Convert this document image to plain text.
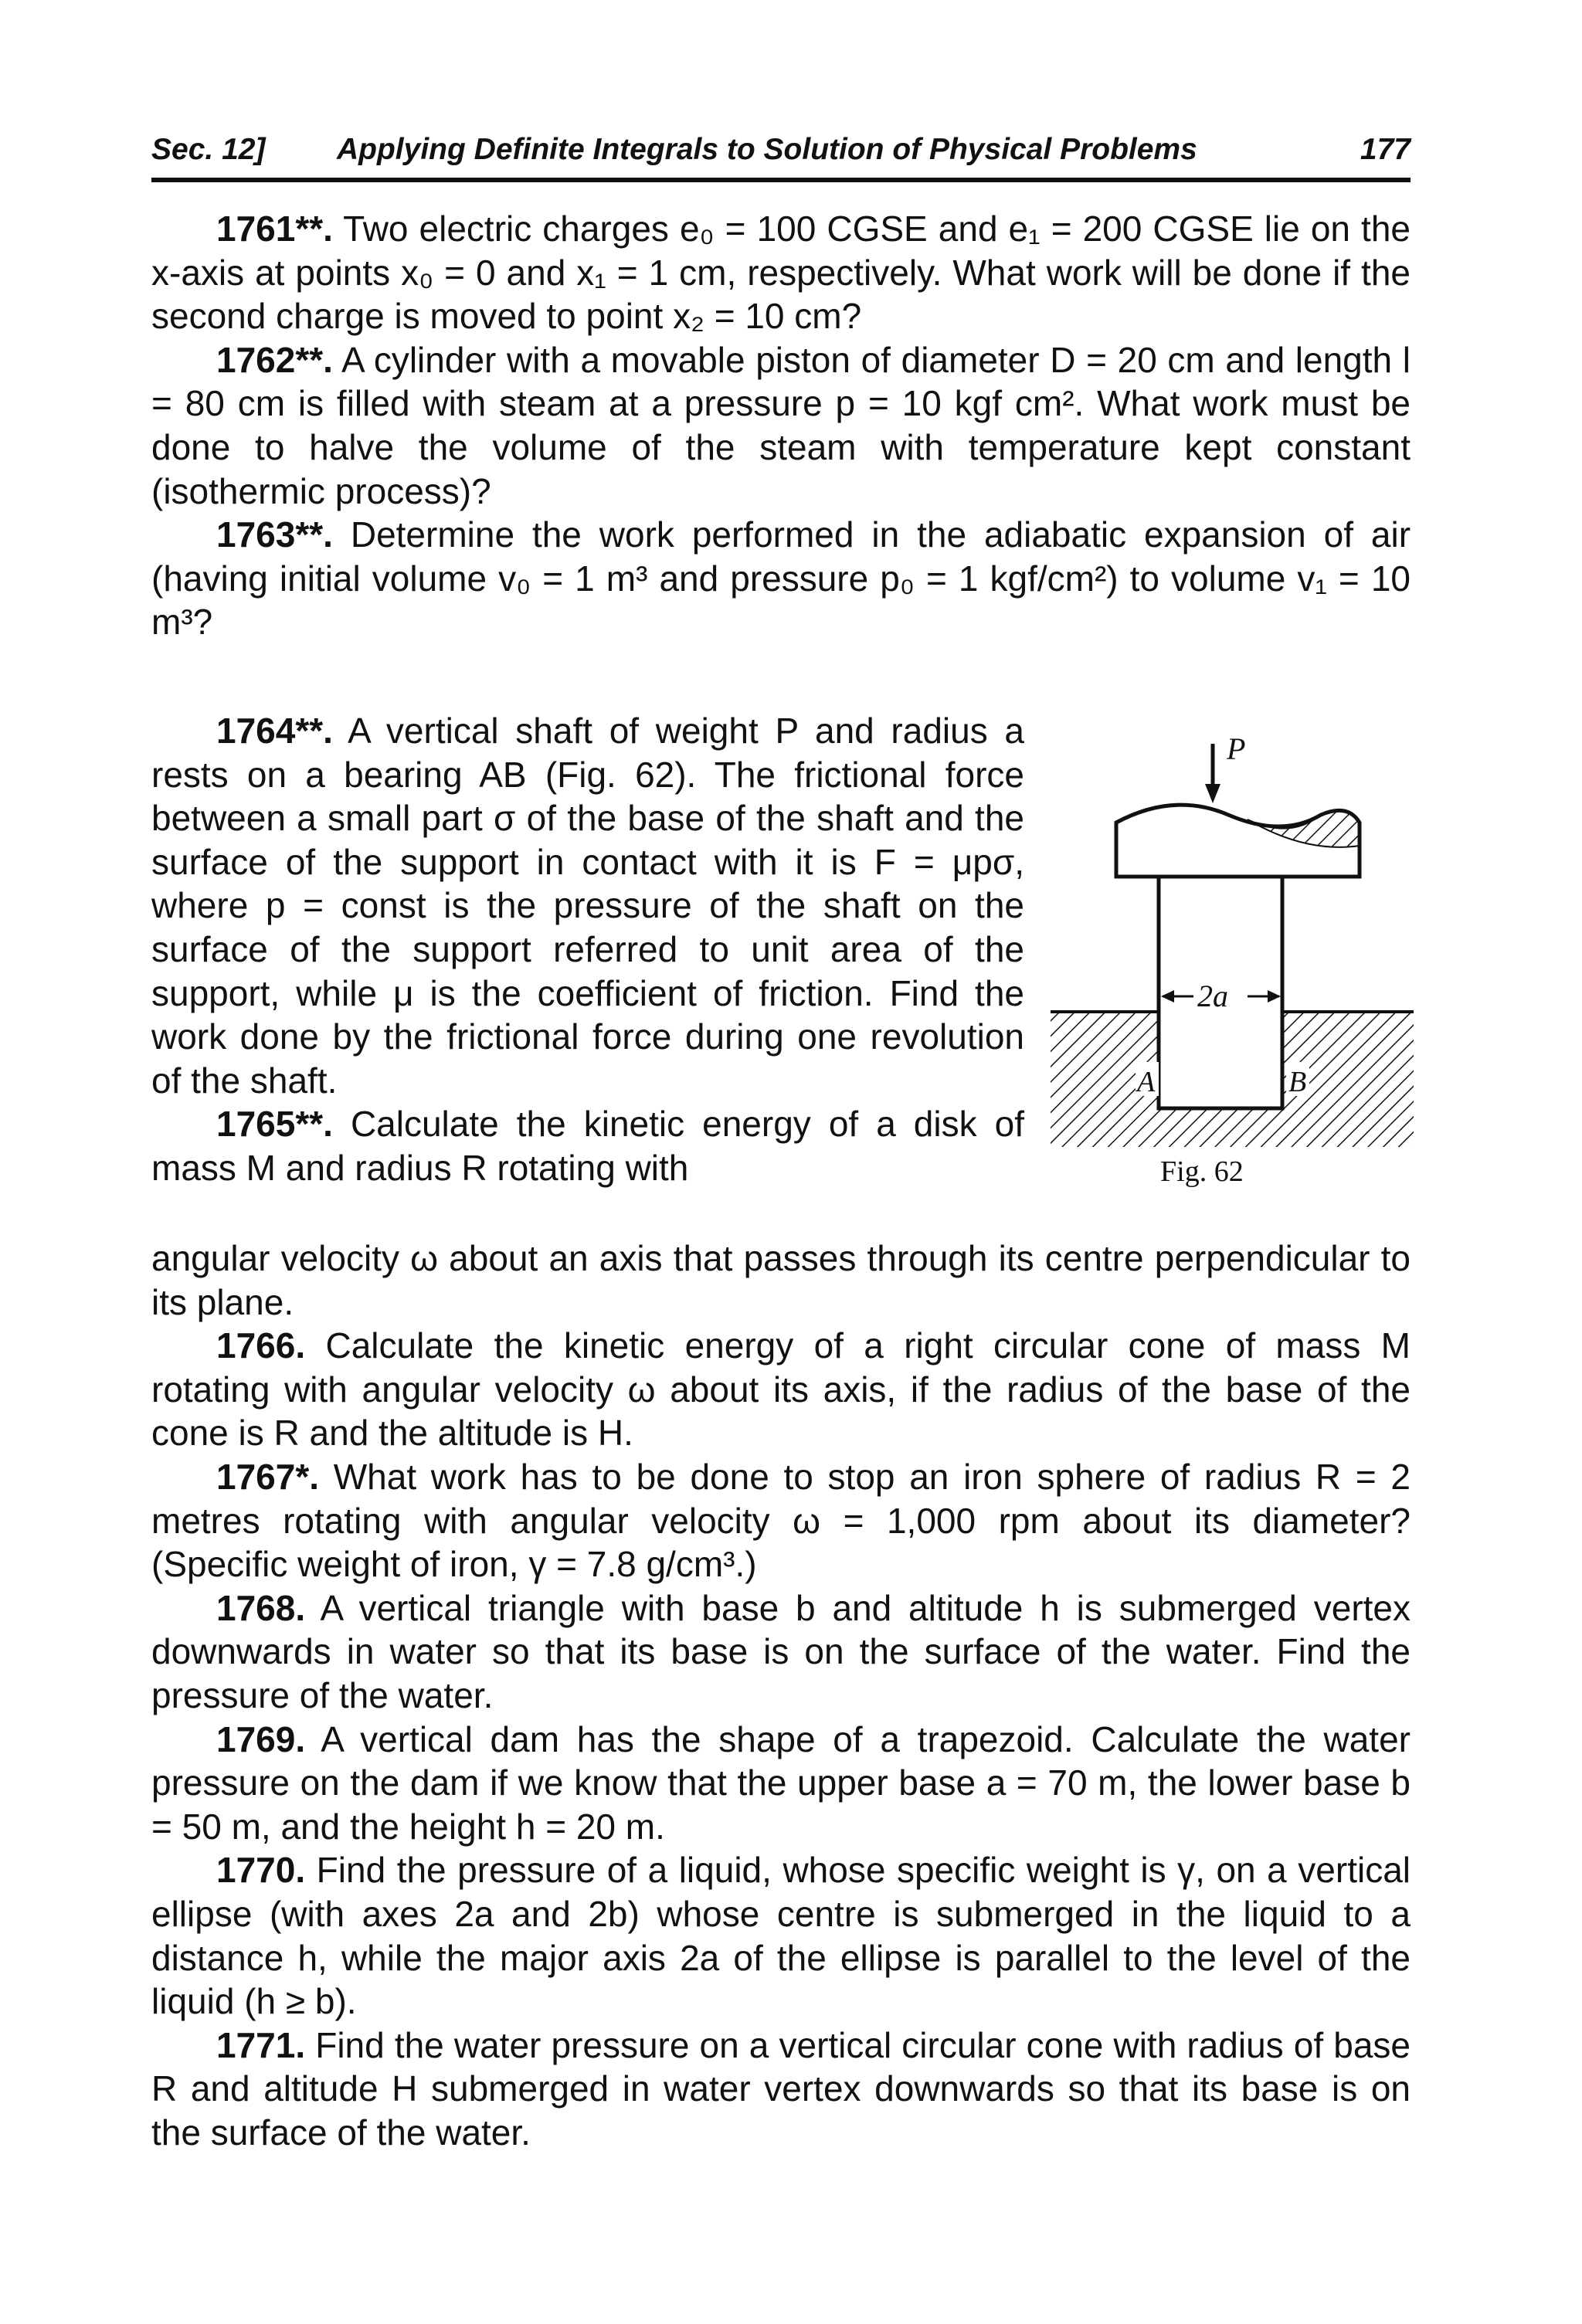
Sec. 12] Applying Definite Integrals to Solution of Physical Problems	177

1761**. Two electric charges e₀ = 100 CGSE and e₁ = 200 CGSE lie on the x-axis at points x₀ = 0 and x₁ = 1 cm, respectively. What work will be done if the second charge is moved to point x₂ = 10 cm?

1762**. A cylinder with a movable piston of diameter D = 20 cm and length l = 80 cm is filled with steam at a pressure p = 10 kgf cm². What work must be done to halve the volume of the steam with temperature kept constant (isothermic process)?

1763**. Determine the work performed in the adiabatic expansion of air (having initial volume v₀ = 1 m³ and pressure p₀ = 1 kgf/cm²) to volume v₁ = 10 m³?

1764**. A vertical shaft of weight P and radius a rests on a bearing AB (Fig. 62). The frictional force between a small part σ of the base of the shaft and the surface of the support in contact with it is F = μpσ, where p = const is the pressure of the shaft on the surface of the support referred to unit area of the support, while μ is the coefficient of friction. Find the work done by the frictional force during one revolution of the shaft.

1765**. Calculate the kinetic energy of a disk of mass M and radius R rotating with

angular velocity ω about an axis that passes through its centre perpendicular to its plane.

1766. Calculate the kinetic energy of a right circular cone of mass M rotating with angular velocity ω about its axis, if the radius of the base of the cone is R and the altitude is H.

1767*. What work has to be done to stop an iron sphere of radius R = 2 metres rotating with angular velocity ω = 1,000 rpm about its diameter? (Specific weight of iron, γ = 7.8 g/cm³.)

1768. A vertical triangle with base b and altitude h is submerged vertex downwards in water so that its base is on the surface of the water. Find the pressure of the water.

1769. A vertical dam has the shape of a trapezoid. Calculate the water pressure on the dam if we know that the upper base a = 70 m, the lower base b = 50 m, and the height h = 20 m.

1770. Find the pressure of a liquid, whose specific weight is γ, on a vertical ellipse (with axes 2a and 2b) whose centre is submerged in the liquid to a distance h, while the major axis 2a of the ellipse is parallel to the level of the liquid (h ≥ b).

1771. Find the water pressure on a vertical circular cone with radius of base R and altitude H submerged in water vertex downwards so that its base is on the surface of the water.

P
2a
A	B
Fig. 62
